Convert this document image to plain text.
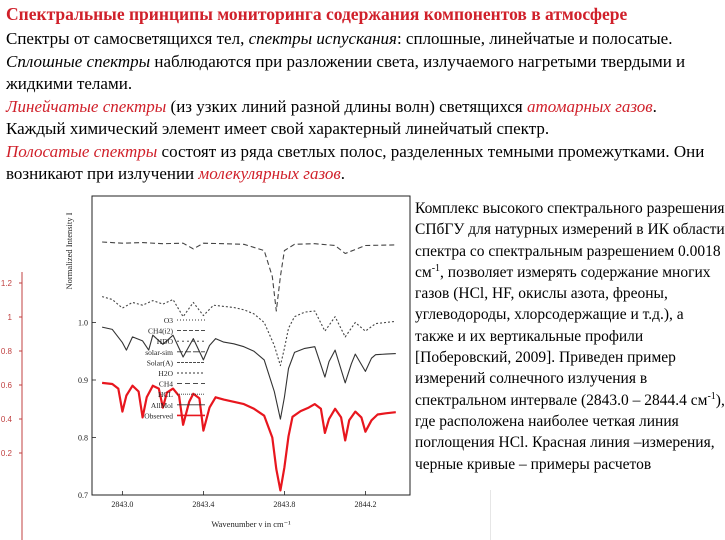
Спектральные принципы мониторинга содержания компонентов в атмосфере

Спектры от самосветящихся тел, спектры испускания: сплошные, линейчатые и полосатые. Сплошные спектры наблюдаются при разложении света, излучаемого нагретыми твердыми и жидкими телами.

Линейчатые спектры (из узких линий разной длины волн) светящихся атомарных газов. Каждый химический элемент имеет свой характерный линейчатый спектр.

Полосатые спектры состоят из ряда светлых полос, разделенных темными промежутками. Они возникают при излучении молекулярных газов.

1.2
1
0.8
0.6
0.4
0.2
2843.0	2843.4	2843.8	2844.2
0.7
0.8
0.9
1.0	O3
CH4(i2)
HDO
solar-sim
Solar(A)
H2O
CH4
HCL
AllMol
Observed
Wavenumber ν in cm⁻¹
Normalized Intensity I
Комплекс высокого спектрального разрешения СПбГУ для натурных измерений в ИК области спектра со спектральным разрешением 0.0018 $см^{-1}$, позволяет измерять содержание многих газов (HCl, HF, окислы азота, фреоны, углеводороды, хлорсодержащие и т.д.), а также и их вертикальные профили [Поберовский, 2009]. Приведен пример измерений солнечного излучения в спектральном интервале (2843.0 – 2844.4 $см^{-1}$), где расположена наиболее четкая линия поглощения HCl. Красная линия –измерения, черные кривые – примеры расчетов
